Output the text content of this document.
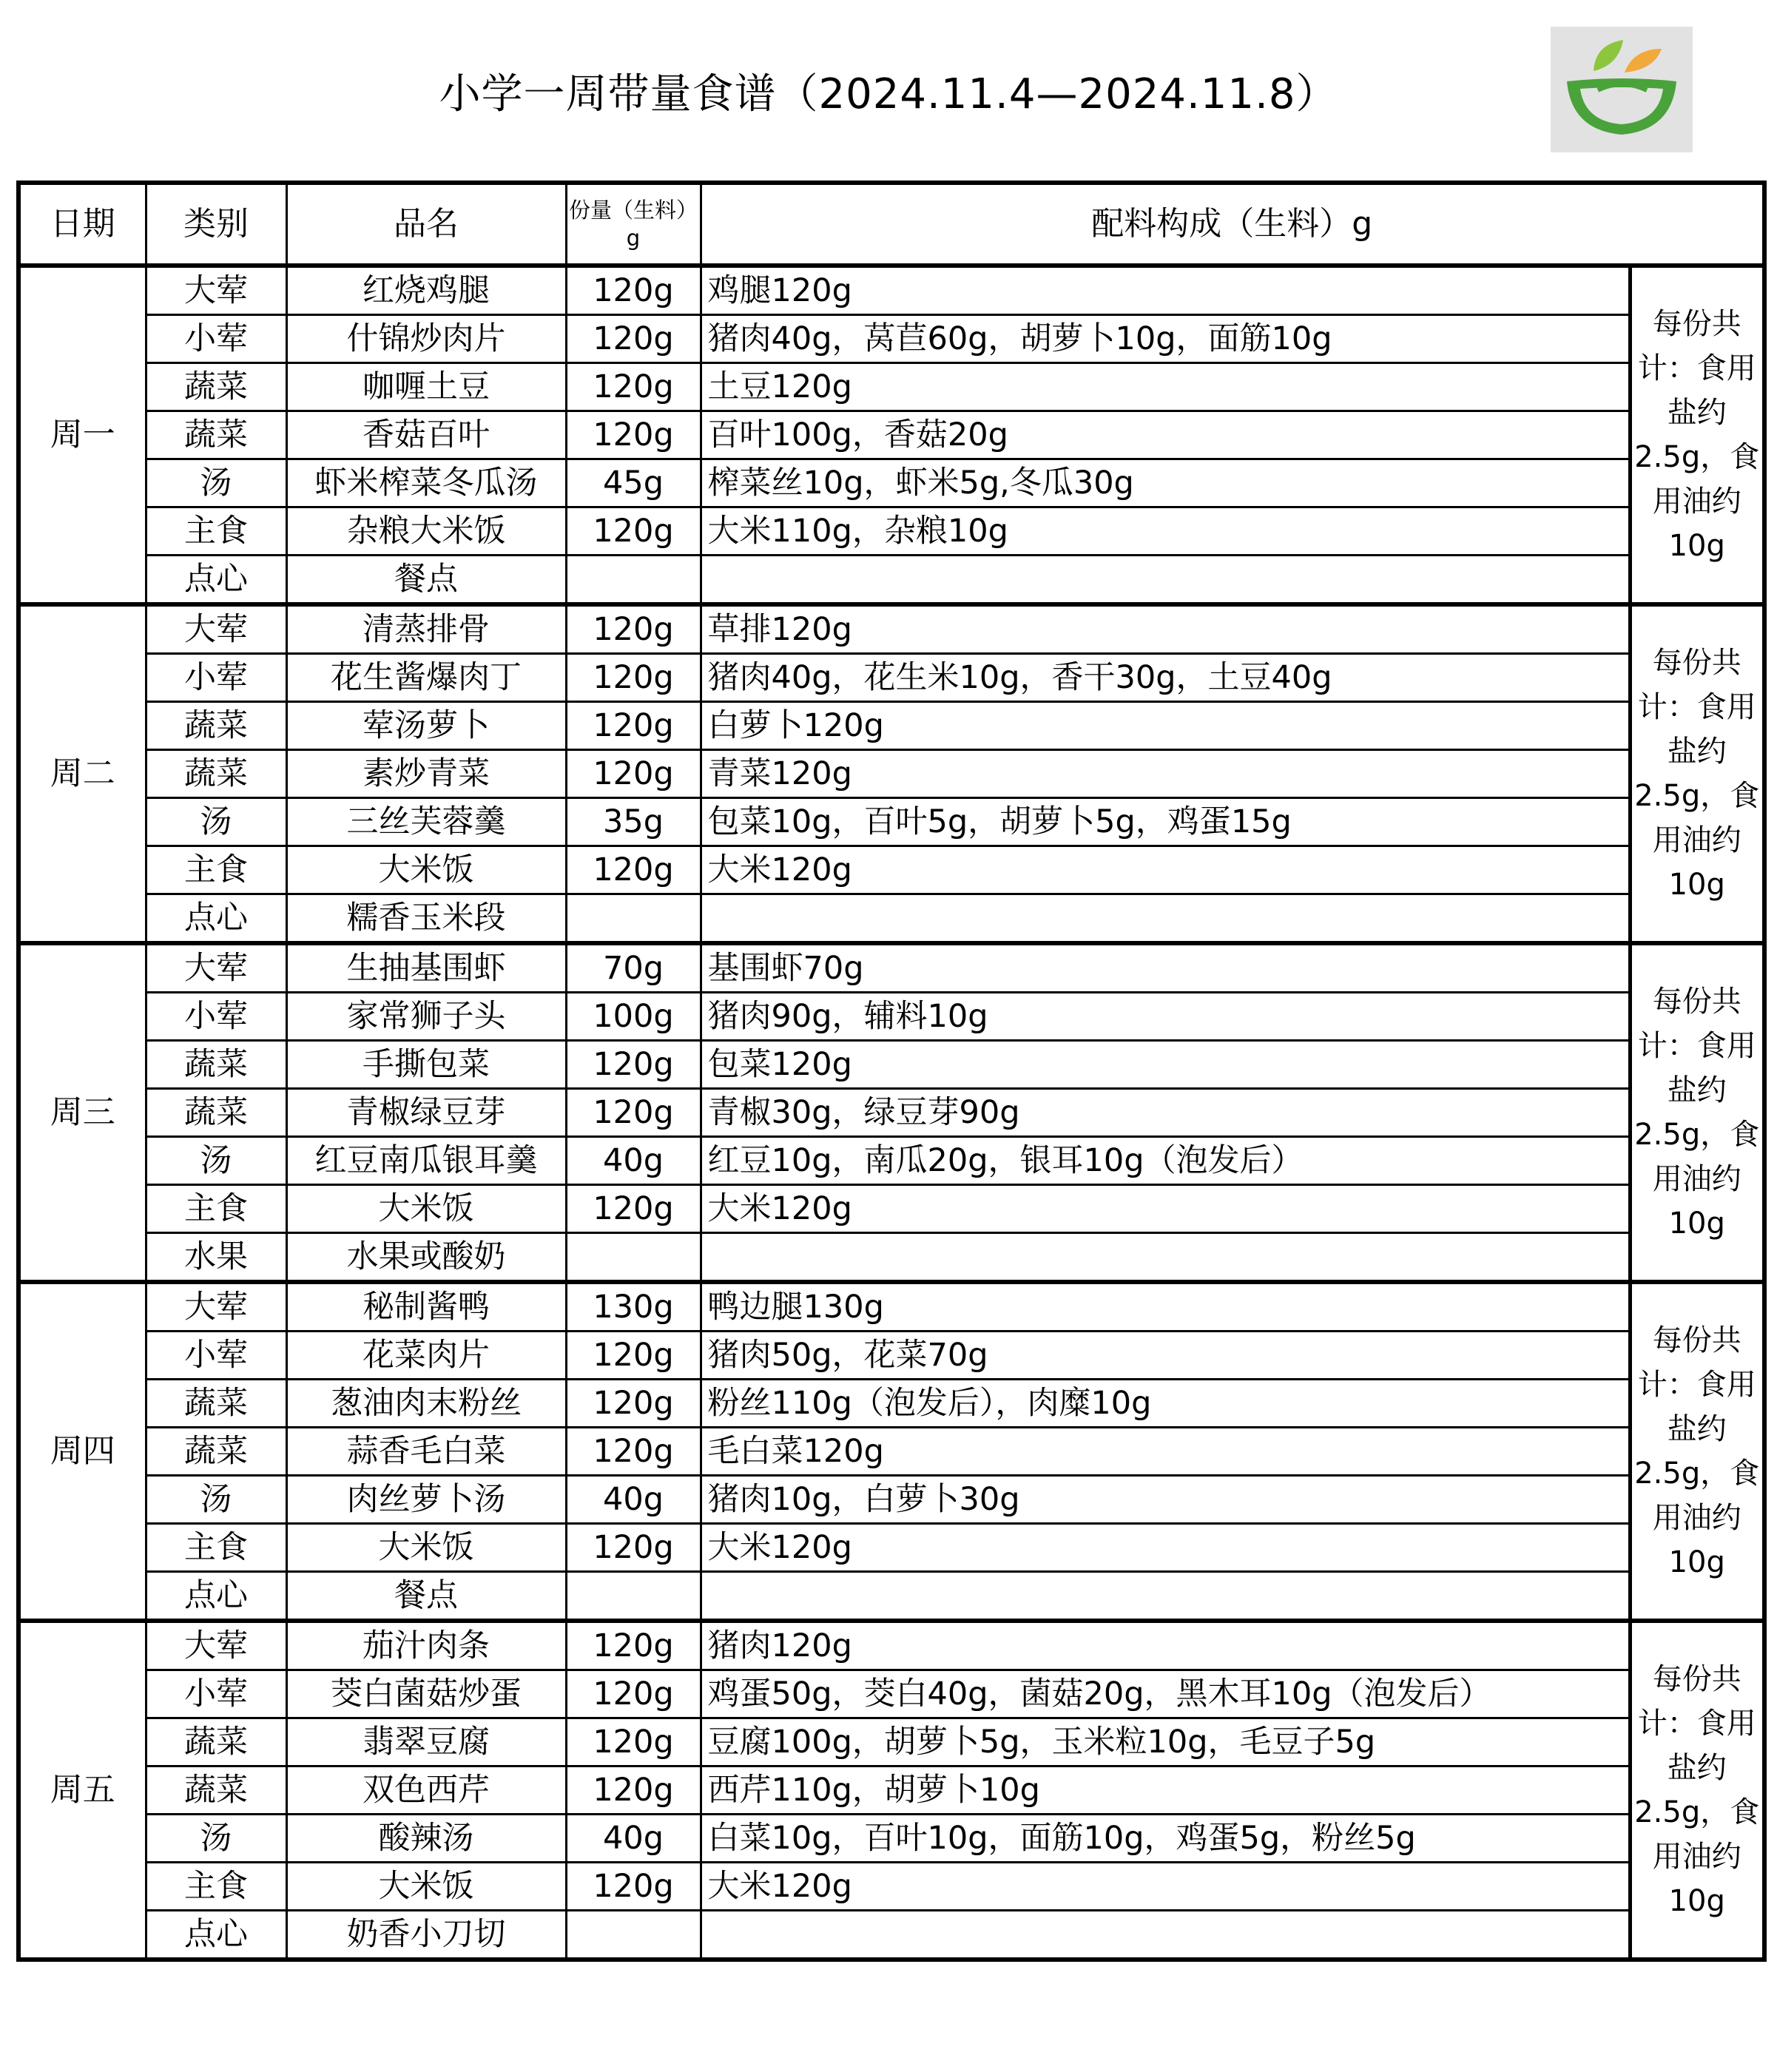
小学一周带量食谱（2024.11.4—2024.11.8）
日期	类别	品名	份量（生料）g	配料构成（生料）g	
周一	大荤	红烧鸡腿	120g	鸡腿120g	每份共计：食用盐约2.5g，食用油约10g
	小荤	什锦炒肉片	120g	猪肉40g，莴苣60g，胡萝卜10g，面筋10g	
	蔬菜	咖喱土豆	120g	土豆120g	
	蔬菜	香菇百叶	120g	百叶100g，香菇20g	
	汤	虾米榨菜冬瓜汤	45g	榨菜丝10g，虾米5g,冬瓜30g	
	主食	杂粮大米饭	120g	大米110g，杂粮10g	
	点心	餐点			
周二	大荤	清蒸排骨	120g	草排120g	每份共计：食用盐约2.5g，食用油约10g
	小荤	花生酱爆肉丁	120g	猪肉40g，花生米10g，香干30g，土豆40g	
	蔬菜	荤汤萝卜	120g	白萝卜120g	
	蔬菜	素炒青菜	120g	青菜120g	
	汤	三丝芙蓉羹	35g	包菜10g，百叶5g，胡萝卜5g，鸡蛋15g	
	主食	大米饭	120g	大米120g	
	点心	糯香玉米段			
周三	大荤	生抽基围虾	70g	基围虾70g	每份共计：食用盐约2.5g，食用油约10g
	小荤	家常狮子头	100g	猪肉90g，辅料10g	
	蔬菜	手撕包菜	120g	包菜120g	
	蔬菜	青椒绿豆芽	120g	青椒30g，绿豆芽90g	
	汤	红豆南瓜银耳羹	40g	红豆10g，南瓜20g，银耳10g（泡发后）	
	主食	大米饭	120g	大米120g	
	水果	水果或酸奶			
周四	大荤	秘制酱鸭	130g	鸭边腿130g	每份共计：食用盐约2.5g，食用油约10g
	小荤	花菜肉片	120g	猪肉50g，花菜70g	
	蔬菜	葱油肉末粉丝	120g	粉丝110g（泡发后），肉糜10g	
	蔬菜	蒜香毛白菜	120g	毛白菜120g	
	汤	肉丝萝卜汤	40g	猪肉10g，白萝卜30g	
	主食	大米饭	120g	大米120g	
	点心	餐点			
周五	大荤	茄汁肉条	120g	猪肉120g	每份共计：食用盐约2.5g，食用油约10g
	小荤	茭白菌菇炒蛋	120g	鸡蛋50g，茭白40g，菌菇20g，黑木耳10g（泡发后）	
	蔬菜	翡翠豆腐	120g	豆腐100g，胡萝卜5g，玉米粒10g，毛豆子5g	
	蔬菜	双色西芹	120g	西芹110g，胡萝卜10g	
	汤	酸辣汤	40g	白菜10g，百叶10g，面筋10g，鸡蛋5g，粉丝5g	
	主食	大米饭	120g	大米120g	
	点心	奶香小刀切			
